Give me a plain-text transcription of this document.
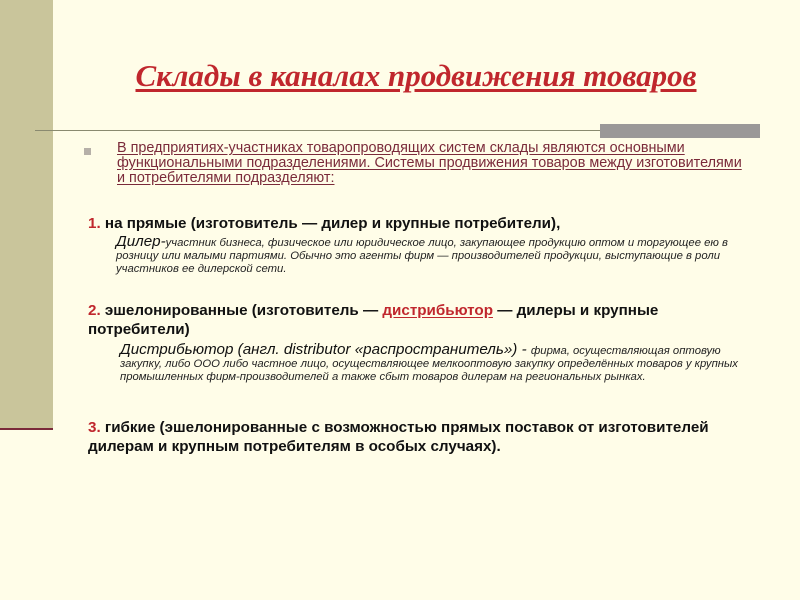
Склады в каналах продвижения товаров

В предприятиях-участниках товаропроводящих систем склады являются основными функциональными подразделениями. Системы продвижения товаров между изготовителями и потребителями подразделяют:

1. на прямые (изготовитель — дилер и крупные потребители),

Дилер-участник бизнеса, физическое или юридическое лицо, закупающее продукцию оптом и торгующее ею в розницу или малыми партиями. Обычно это агенты фирм — производителей продукции, выступающие в роли участников ее дилерской сети.

2. эшелонированные (изготовитель — дистрибьютор — дилеры и крупные потребители)

Дистрибьютор (англ. distributor «распространитель») - фирма, осуществляющая оптовую закупку, либо ООО либо частное лицо, осуществляющее мелкооптовую закупку определённых товаров у крупных промышленных фирм-производителей а также сбыт товаров дилерам на региональных рынках.

3. гибкие (эшелонированные с возможностью прямых поставок от изготовителей дилерам и крупным потребителям в особых случаях).
